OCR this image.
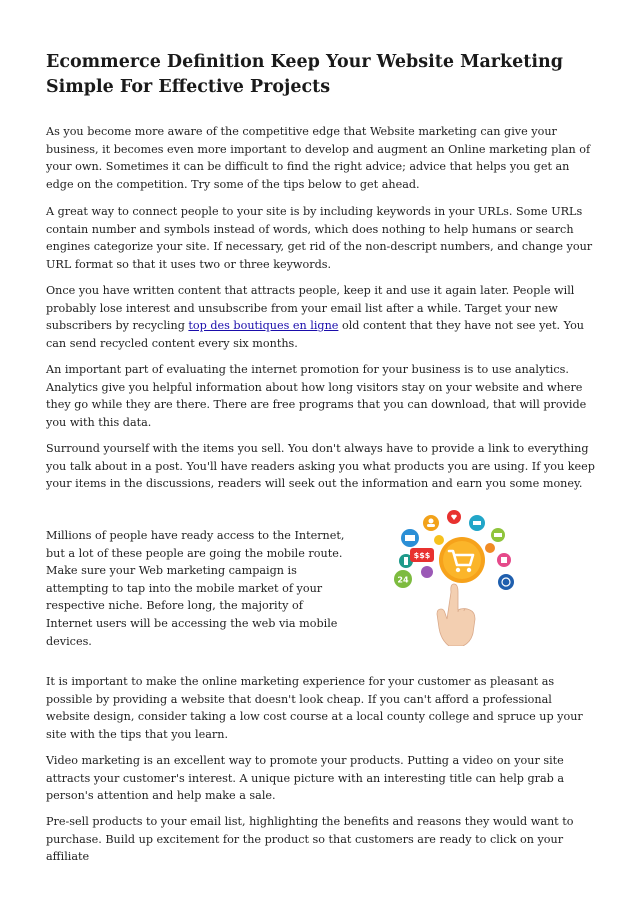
Ecommerce Definition Keep Your Website Marketing Simple For Effective Projects

As you become more aware of the competitive edge that Website marketing can give your business, it becomes even more important to develop and augment an Online marketing plan of your own. Sometimes it can be difficult to find the right advice; advice that helps you get an edge on the competition. Try some of the tips below to get ahead.

A great way to connect people to your site is by including keywords in your URLs. Some URLs contain number and symbols instead of words, which does nothing to help humans or search engines categorize your site. If necessary, get rid of the non-descript numbers, and change your URL format so that it uses two or three keywords.

Once you have written content that attracts people, keep it and use it again later. People will probably lose interest and unsubscribe from your email list after a while. Target your new subscribers by recycling top des boutiques en ligne old content that they have not see yet. You can send recycled content every six months.

An important part of evaluating the internet promotion for your business is to use analytics. Analytics give you helpful information about how long visitors stay on your website and where they go while they are there. There are free programs that you can download, that will provide you with this data.

Surround yourself with the items you sell. You don't always have to provide a link to everything you talk about in a post. You'll have readers asking you what products you are using. If you keep your items in the discussions, readers will seek out the information and earn you some money.

Millions of people have ready access to the Internet, but a lot of these people are going the mobile route. Make sure your Web marketing campaign is attempting to tap into the mobile market of your respective niche. Before long, the majority of Internet users will be accessing the web via mobile devices.

24
$$$

It is important to make the online marketing experience for your customer as pleasant as possible by providing a website that doesn't look cheap. If you can't afford a professional website design, consider taking a low cost course at a local county college and spruce up your site with the tips that you learn.

Video marketing is an excellent way to promote your products. Putting a video on your site attracts your customer's interest. A unique picture with an interesting title can help grab a person's attention and help make a sale.

Pre-sell products to your email list, highlighting the benefits and reasons they would want to purchase. Build up excitement for the product so that customers are ready to click on your affiliate
